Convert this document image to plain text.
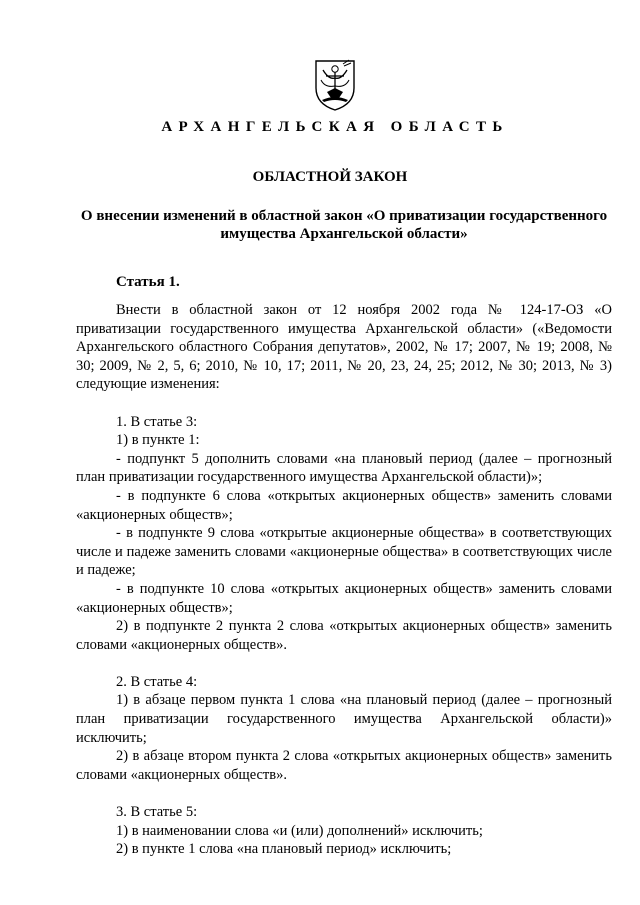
АРХАНГЕЛЬСКАЯ ОБЛАСТЬ
ОБЛАСТНОЙ ЗАКОН
О внесении изменений в областной закон «О приватизации государственного имущества Архангельской области»
Статья 1.

Внести в областной закон от 12 ноября 2002 года № 124-17-ОЗ «О приватизации государственного имущества Архангельской области» («Ведомости Архангельского областного Собрания депутатов», 2002, № 17; 2007, № 19; 2008, № 30; 2009, № 2, 5, 6; 2010, № 10, 17; 2011, № 20, 23, 24, 25; 2012, № 30; 2013, № 3) следующие изменения:

1. В статье 3:

1) в пункте 1:

- подпункт 5 дополнить словами «на плановый период (далее – прогнозный план приватизации государственного имущества Архангельской области)»;

- в подпункте 6 слова «открытых акционерных обществ» заменить словами «акционерных обществ»;

- в подпункте 9 слова «открытые акционерные общества» в соответствующих числе и падеже заменить словами «акционерные общества» в соответствующих числе и падеже;

- в подпункте 10 слова «открытых акционерных обществ» заменить словами «акционерных обществ»;

2) в подпункте 2 пункта 2 слова «открытых акционерных обществ» заменить словами «акционерных обществ».

2. В статье 4:

1) в абзаце первом пункта 1 слова «на плановый период (далее – прогнозный план приватизации государственного имущества Архангельской области)» исключить;

2) в абзаце втором пункта 2 слова «открытых акционерных обществ» заменить словами «акционерных обществ».

3. В статье 5:

1) в наименовании слова «и (или) дополнений» исключить;

2) в пункте 1 слова «на плановый период» исключить;
